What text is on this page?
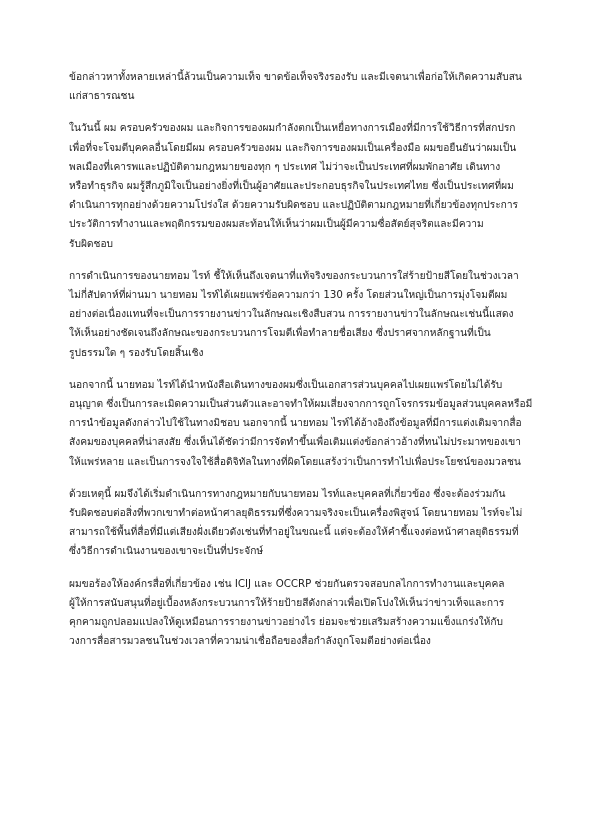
ข้อกล่าวหาทั้งหลายเหล่านี้ล้วนเป็นความเท็จ ขาดข้อเท็จจริงรองรับ และมีเจตนาเพื่อก่อให้เกิดความสับสน
แก่สาธารณชน

ในวันนี้ ผม ครอบครัวของผม และกิจการของผมกำลังตกเป็นเหยื่อทางการเมืองที่มีการใช้วิธีการที่สกปรก
เพื่อที่จะโจมตีบุคคลอื่นโดยมีผม ครอบครัวของผม และกิจการของผมเป็นเครื่องมือ ผมขอยืนยันว่าผมเป็น
พลเมืองที่เคารพและปฏิบัติตามกฎหมายของทุก ๆ ประเทศ ไม่ว่าจะเป็นประเทศที่ผมพักอาศัย เดินทาง
หรือทำธุรกิจ ผมรู้สึกภูมิใจเป็นอย่างยิ่งที่เป็นผู้อาศัยและประกอบธุรกิจในประเทศไทย ซึ่งเป็นประเทศที่ผม
ดำเนินการทุกอย่างด้วยความโปร่งใส ด้วยความรับผิดชอบ และปฏิบัติตามกฎหมายที่เกี่ยวข้องทุกประการ
ประวัติการทำงานและพฤติกรรมของผมสะท้อนให้เห็นว่าผมเป็นผู้มีความซื่อสัตย์สุจริตและมีความ
รับผิดชอบ

การดำเนินการของนายทอม ไรท์ ชี้ให้เห็นถึงเจตนาที่แท้จริงของกระบวนการใส่ร้ายป้ายสีโดยในช่วงเวลา
ไม่กี่สัปดาห์ที่ผ่านมา นายทอม ไรท์ได้เผยแพร่ข้อความกว่า 130 ครั้ง โดยส่วนใหญ่เป็นการมุ่งโจมตีผม
อย่างต่อเนื่องแทนที่จะเป็นการรายงานข่าวในลักษณะเชิงสืบสวน การรายงานข่าวในลักษณะเช่นนี้แสดง
ให้เห็นอย่างชัดเจนถึงลักษณะของกระบวนการโจมตีเพื่อทำลายชื่อเสียง ซึ่งปราศจากหลักฐานที่เป็น
รูปธรรมใด ๆ รองรับโดยสิ้นเชิง

นอกจากนี้ นายทอม ไรท์ได้นำหนังสือเดินทางของผมซึ่งเป็นเอกสารส่วนบุคคลไปเผยแพร่โดยไม่ได้รับ
อนุญาต ซึ่งเป็นการละเมิดความเป็นส่วนตัวและอาจทำให้ผมเสี่ยงจากการถูกโจรกรรมข้อมูลส่วนบุคคลหรือมี
การนำข้อมูลดังกล่าวไปใช้ในทางมิชอบ นอกจากนี้ นายทอม ไรท์ได้อ้างอิงถึงข้อมูลที่มีการแต่งเติมจากสื่อ
สังคมของบุคคลที่น่าสงสัย ซึ่งเห็นได้ชัดว่ามีการจัดทำขึ้นเพื่อเติมแต่งข้อกล่าวอ้างที่ทนไม่ประมาทของเขา
ให้แพร่หลาย และเป็นการจงใจใช้สื่อดิจิทัลในทางที่ผิดโดยแสร้งว่าเป็นการทำไปเพื่อประโยชน์ของมวลชน

ด้วยเหตุนี้ ผมจึงได้เริ่มดำเนินการทางกฎหมายกับนายทอม ไรท์และบุคคลที่เกี่ยวข้อง ซึ่งจะต้องร่วมกัน
รับผิดชอบต่อสิ่งที่พวกเขาทำต่อหน้าศาลยุติธรรมที่ซึ่งความจริงจะเป็นเครื่องพิสูจน์ โดยนายทอม ไรท์จะไม่
สามารถใช้พื้นที่สื่อที่มีแต่เสียงฝั่งเดียวดังเช่นที่ทำอยู่ในขณะนี้ แต่จะต้องให้คำชี้แจงต่อหน้าศาลยุติธรรมที่
ซึ่งวิธีการดำเนินงานของเขาจะเป็นที่ประจักษ์

ผมขอร้องให้องค์กรสื่อที่เกี่ยวข้อง เช่น ICIJ และ OCCRP ช่วยกันตรวจสอบกลไกการทำงานและบุคคล
ผู้ให้การสนับสนุนที่อยู่เบื้องหลังกระบวนการให้ร้ายป้ายสีดังกล่าวเพื่อเปิดโปงให้เห็นว่าข่าวเท็จและการ
คุกคามถูกปลอมแปลงให้ดูเหมือนการรายงานข่าวอย่างไร ย่อมจะช่วยเสริมสร้างความแข็งแกร่งให้กับ
วงการสื่อสารมวลชนในช่วงเวลาที่ความน่าเชื่อถือของสื่อกำลังถูกโจมตีอย่างต่อเนื่อง
